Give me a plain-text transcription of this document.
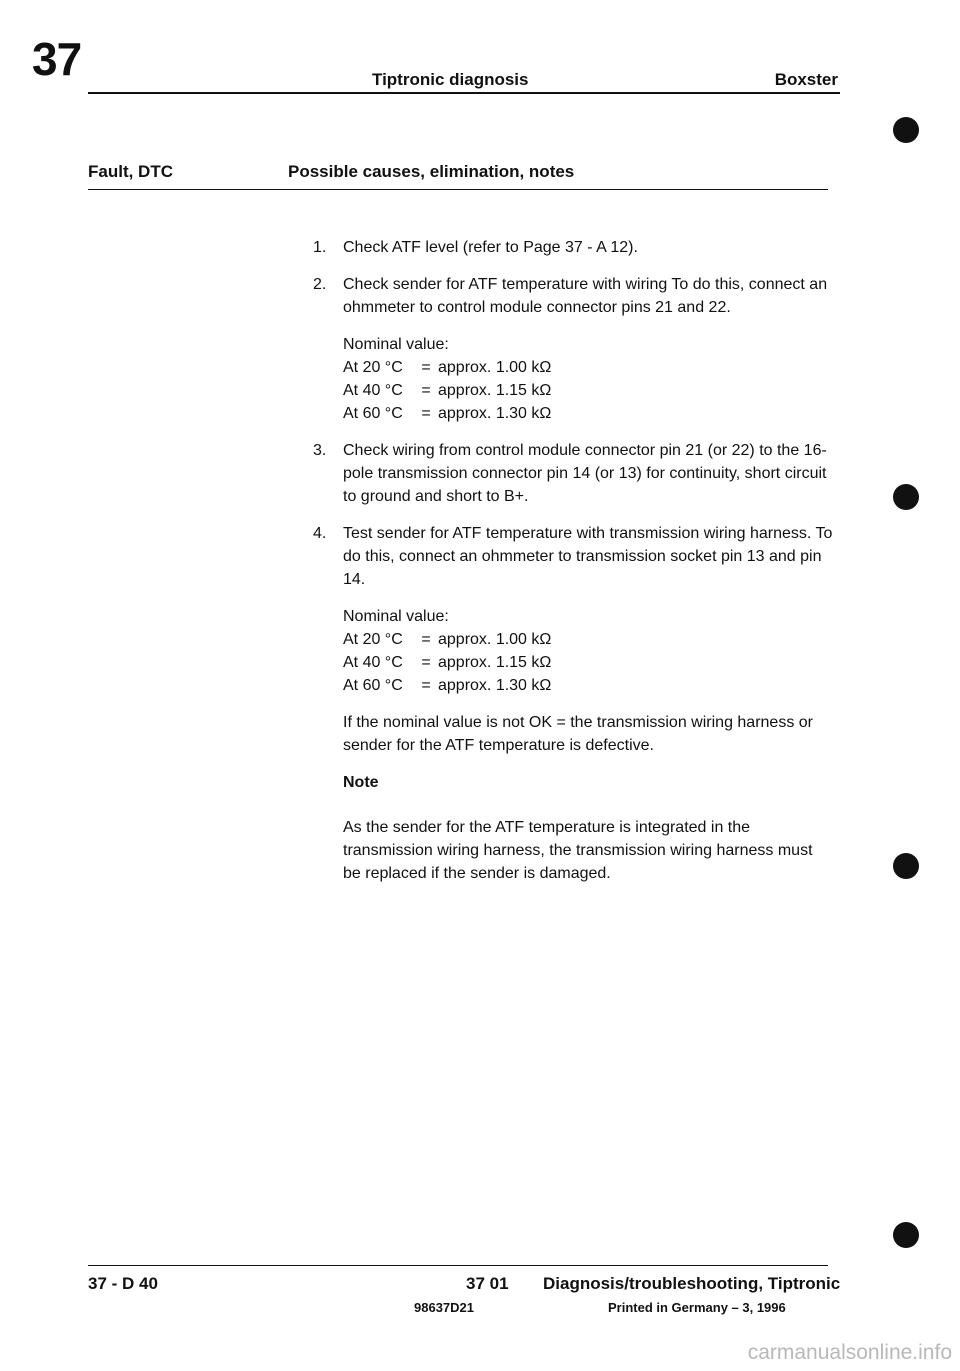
37	Tiptronic diagnosis	Boxster
Fault, DTC	Possible causes, elimination, notes
1.	Check ATF level (refer to Page 37 - A 12).
2.	Check sender for ATF temperature with wiring To do this, connect an ohmmeter to control module connector pins 21 and 22.
Nominal value:
At 20 °C	= approx. 1.00 kΩ
At 40 °C	= approx. 1.15 kΩ
At 60 °C	= approx. 1.30 kΩ
3.	Check wiring from control module connector pin 21 (or 22) to the 16-pole transmission connector pin 14 (or 13) for continuity, short circuit to ground and short to B+.
4.	Test sender for ATF temperature with transmission wiring harness. To do this, connect an ohmmeter to transmission socket pin 13 and pin 14.
Nominal value:
At 20 °C	= approx. 1.00 kΩ
At 40 °C	= approx. 1.15 kΩ
At 60 °C	= approx. 1.30 kΩ
If the nominal value is not OK = the transmission wiring harness or sender for the ATF temperature is defective.
Note
As the sender for the ATF temperature is integrated in the transmission wiring harness, the transmission wiring harness must be replaced if the sender is damaged.
37 - D 40	37 01 Diagnosis/troubleshooting, Tiptronic
98637D21	Printed in Germany – 3, 1996
carmanualsonline.info
